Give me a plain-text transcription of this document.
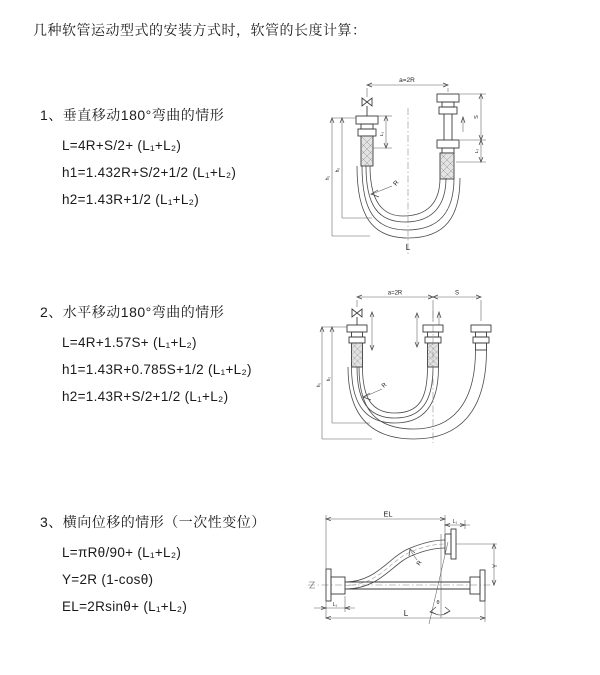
几种软管运动型式的安装方式时，软管的长度计算：
1、垂直移动180°弯曲的情形
L=4R+S/2+ (L₁+L₂)
h1=1.432R+S/2+1/2 (L₁+L₂)
h2=1.43R+1/2 (L₁+L₂)
2、水平移动180°弯曲的情形
L=4R+1.57S+ (L₁+L₂)
h1=1.43R+0.785S+1/2 (L₁+L₂)
h2=1.43R+S/2+1/2 (L₁+L₂)
3、横向位移的情形（一次性变位）
L=πRθ/90+ (L₁+L₂)
Y=2R (1-cosθ)
EL=2Rsinθ+ (L₁+L₂)
a=2R
L₁
S
L₂
h₁
h₂
R
L
a=2R	S
h₁
h₂
R
EL
L₁
Y
θ
R
L
L₁
